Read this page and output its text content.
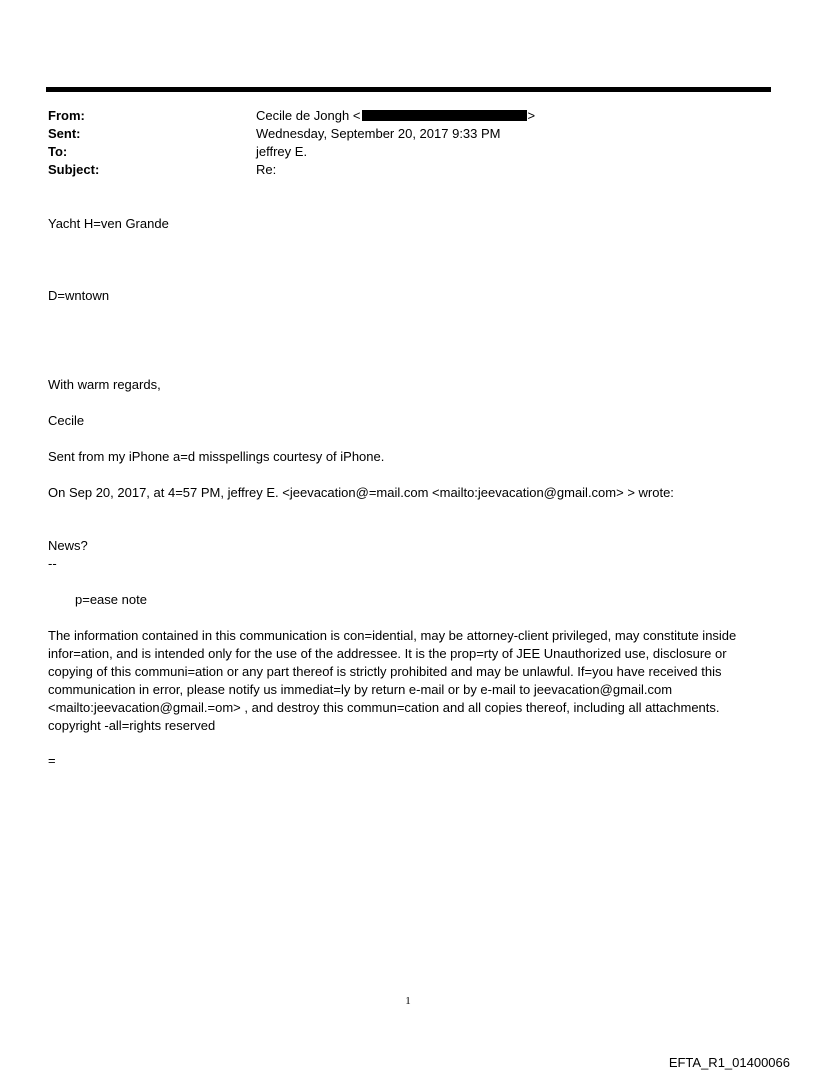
From:	Cecile de Jongh <	>
Sent:	Wednesday, September 20, 2017 9:33 PM
To:	jeffrey E.
Subject:	Re:
Yacht H=ven Grande
D=wntown
With warm regards,
Cecile
Sent from my iPhone a=d misspellings courtesy of iPhone.
On Sep 20, 2017, at 4=57 PM, jeffrey E. <jeevacation@=mail.com <mailto:jeevacation@gmail.com> > wrote:
News?
--
p=ease note
The information contained in this communication is con=idential, may be attorney-client privileged, may constitute inside infor=ation, and is intended only for the use of the addressee. It is the prop=rty of JEE Unauthorized use, disclosure or copying of this communi=ation or any part thereof is strictly prohibited and may be unlawful. If=you have received this communication in error, please notify us immediat=ly by return e-mail or by e-mail to jeevacation@gmail.com <mailto:jeevacation@gmail.=om> , and destroy this commun=cation and all copies thereof, including all attachments. copyright -all=rights reserved
=
1
EFTA_R1_01400066
